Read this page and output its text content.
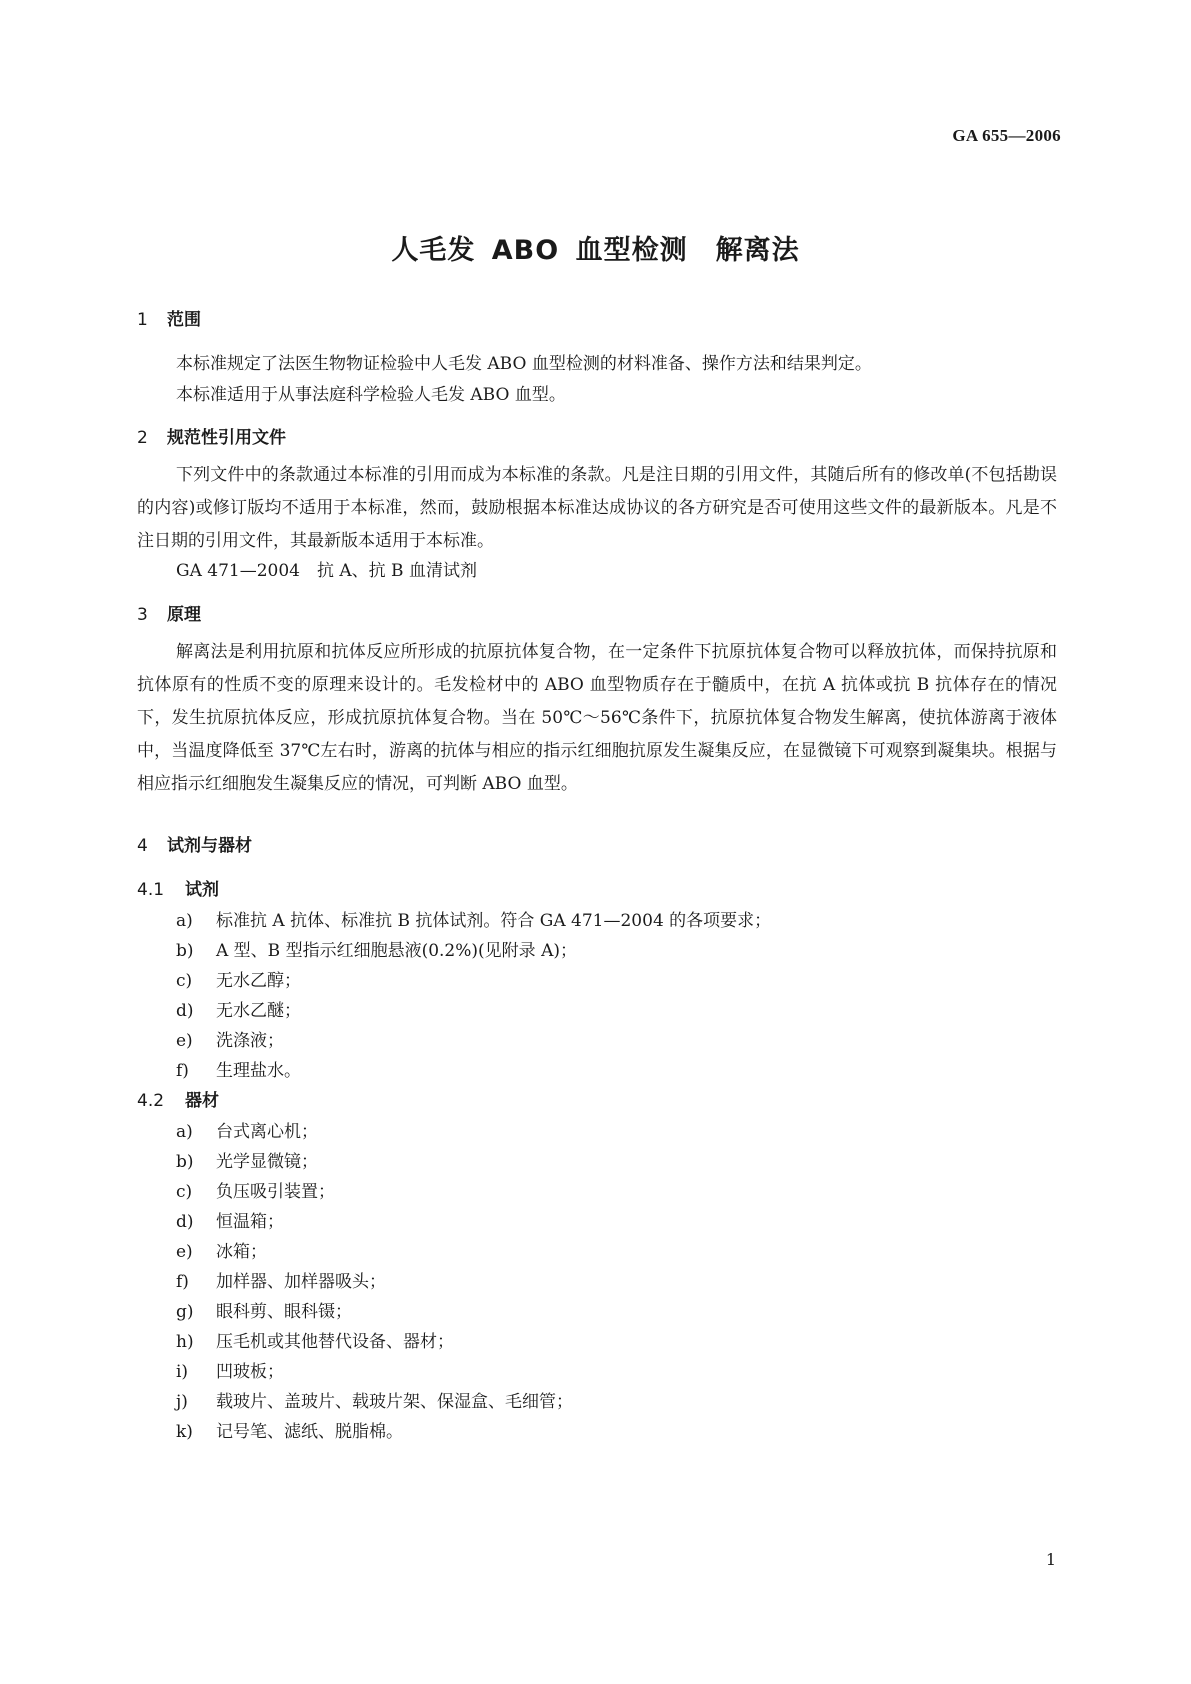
GA 655—2006
人毛发 ABO 血型检测　解离法
1 范围
本标准规定了法医生物物证检验中人毛发 ABO 血型检测的材料准备、操作方法和结果判定。
本标准适用于从事法庭科学检验人毛发 ABO 血型。
2 规范性引用文件
下列文件中的条款通过本标准的引用而成为本标准的条款。凡是注日期的引用文件，其随后所有的修改单(不包括勘误的内容)或修订版均不适用于本标准，然而，鼓励根据本标准达成协议的各方研究是否可使用这些文件的最新版本。凡是不注日期的引用文件，其最新版本适用于本标准。
GA 471—2004　抗 A、抗 B 血清试剂
3 原理
解离法是利用抗原和抗体反应所形成的抗原抗体复合物，在一定条件下抗原抗体复合物可以释放抗体，而保持抗原和抗体原有的性质不变的原理来设计的。毛发检材中的 ABO 血型物质存在于髓质中，在抗 A 抗体或抗 B 抗体存在的情况下，发生抗原抗体反应，形成抗原抗体复合物。当在 50℃～56℃条件下，抗原抗体复合物发生解离，使抗体游离于液体中，当温度降低至 37℃左右时，游离的抗体与相应的指示红细胞抗原发生凝集反应，在显微镜下可观察到凝集块。根据与相应指示红细胞发生凝集反应的情况，可判断 ABO 血型。
4 试剂与器材
4.1 试剂
a) 标准抗 A 抗体、标准抗 B 抗体试剂。符合 GA 471—2004 的各项要求；
b) A 型、B 型指示红细胞悬液(0.2%)(见附录 A)；
c) 无水乙醇；
d) 无水乙醚；
e) 洗涤液；
f) 生理盐水。
4.2 器材
a) 台式离心机；
b) 光学显微镜；
c) 负压吸引装置；
d) 恒温箱；
e) 冰箱；
f) 加样器、加样器吸头；
g) 眼科剪、眼科镊；
h) 压毛机或其他替代设备、器材；
i) 凹玻板；
j) 载玻片、盖玻片、载玻片架、保湿盒、毛细管；
k) 记号笔、滤纸、脱脂棉。
1
